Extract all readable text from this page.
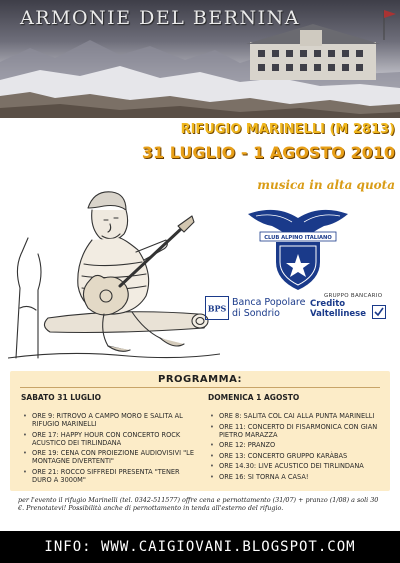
ARMONIE DEL BERNINA
RIFUGIO MARINELLI (M 2813)
31 LUGLIO - 1 AGOSTO 2010
musica in alta quota
CLUB ALPINO ITALIANO
BPS
Banca Popolare
di Sondrio
GRUPPO BANCARIO
Credito
Valtellinese
PROGRAMMA:
SABATO 31 LUGLIO
• ORE 9: RITROVO A CAMPO MORO E SALITA AL RIFUGIO MARINELLI
• ORE 17: HAPPY HOUR CON CONCERTO ROCK ACUSTICO DEI TIRLINDANA
• ORE 19: CENA CON PROIEZIONE AUDIOVISIVI "LE MONTAGNE DIVERTENTI"
• ORE 21: ROCCO SIFFREDI PRESENTA "TENER DURO A 3000M"
DOMENICA 1 AGOSTO
• ORE 8: SALITA COL CAI ALLA PUNTA MARINELLI
• ORE 11: CONCERTO DI FISARMONICA CON GIAN PIETRO MARAZZA
• ORE 12: PRANZO
• ORE 13: CONCERTO GRUPPO KARÀBAS
• ORE 14.30: LIVE ACUSTICO DEI TIRLINDANA
• ORE 16: SI TORNA A CASA!
per l'evento il rifugio Marinelli (tel. 0342-511577) offre cena e pernottamento (31/07) + pranzo (1/08) a soli 30 €. Prenotatevi! Possibilità anche di pernottamento in tenda all'esterno del rifugio.
INFO: WWW.CAIGIOVANI.BLOGSPOT.COM
